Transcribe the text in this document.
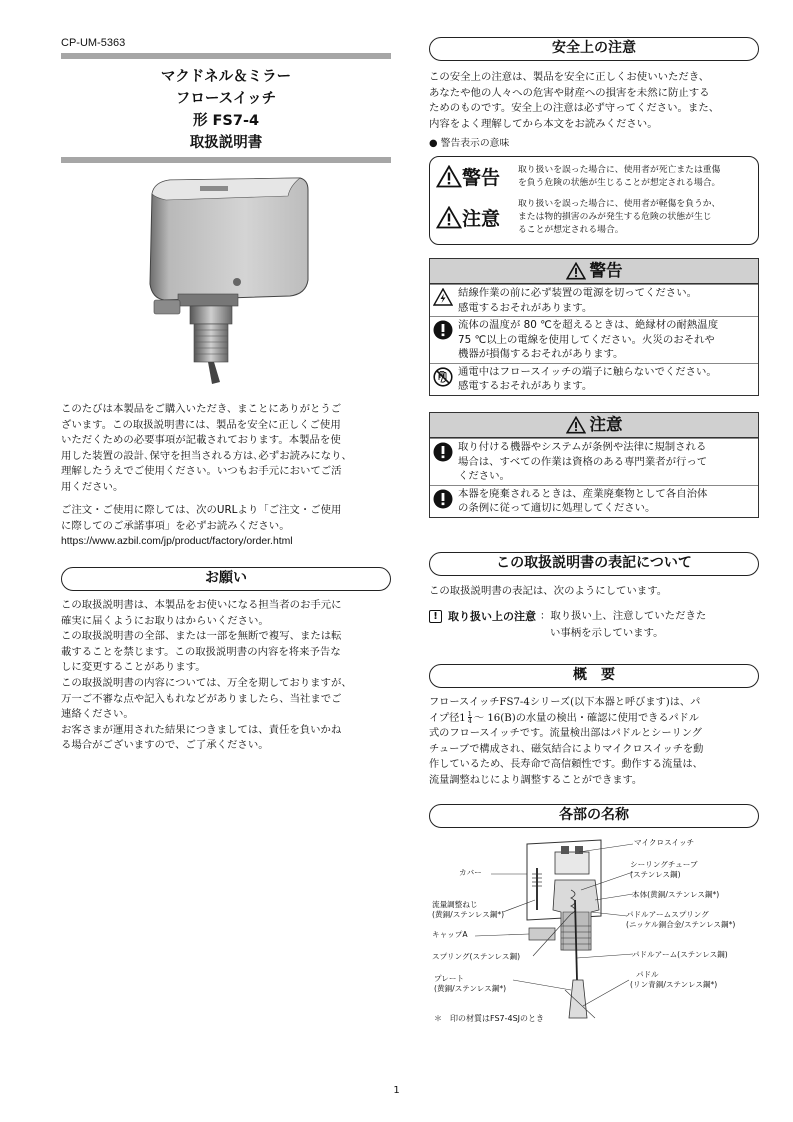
CP-UM-5363
マクドネル＆ミラー
フロースイッチ
形 FS7-4
取扱説明書
このたびは本製品をご購入いただき、まことにありがとうご
ざいます。この取扱説明書には、製品を安全に正しくご使用
いただくための必要事項が記載されております。本製品を使
用した装置の設計､保守を担当される方は､必ずお読みになり、
理解したうえでご使用ください。いつもお手元においてご活
用ください。
ご注文・ご使用に際しては、次のURLより「ご注文・ご使用
に際してのご承諾事項」を必ずお読みください。
https://www.azbil.com/jp/product/factory/order.html
お願い
この取扱説明書は、本製品をお使いになる担当者のお手元に
確実に届くようにお取りはからいください。
この取扱説明書の全部、または一部を無断で複写、または転
載することを禁じます。この取扱説明書の内容を将来予告な
しに変更することがあります。
この取扱説明書の内容については、万全を期しておりますが、
万一ご不審な点や記入もれなどがありましたら、当社までご
連絡ください。
お客さまが運用された結果につきましては、責任を負いかね
る場合がございますので、ご了承ください。
安全上の注意
この安全上の注意は、製品を安全に正しくお使いいただき、
あなたや他の人々への危害や財産への損害を未然に防止する
ためのものです。安全上の注意は必ず守ってください。また、
内容をよく理解してから本文をお読みください。
● 警告表示の意味
警告 取り扱いを誤った場合に、使用者が死亡または重傷
を負う危険の状態が生じることが想定される場合。
注意
取り扱いを誤った場合に、使用者が軽傷を負うか、
または物的損害のみが発生する危険の状態が生じ
ることが想定される場合。
警告
結線作業の前に必ず装置の電源を切ってください。
感電するおそれがあります。
流体の温度が 80 ℃を超えるときは、絶縁材の耐熱温度
75 ℃以上の電線を使用してください。火災のおそれや
機器が損傷するおそれがあります。
通電中はフロースイッチの端子に触らないでください。
感電するおそれがあります。
注意
取り付ける機器やシステムが条例や法律に規制される
場合は、すべての作業は資格のある専門業者が行って
ください。
本器を廃棄されるときは、産業廃棄物として各自治体
の条例に従って適切に処理してください。
この取扱説明書の表記について
この取扱説明書の表記は、次のようにしています。
! 取り扱い上の注意 ：取り扱い上、注意していただきた
い事柄を示しています。
概　要
フロースイッチFS7-4シリーズ(以下本器と呼びます)は、パ
イプ径$1 \frac{1}{4}$ ～ 16(B)の水量の検出・確認に使用できるパドル
式のフロースイッチです。流量検出部はパドルとシーリング
チューブで構成され、磁気結合によりマイクロスイッチを動
作しているため、長寿命で高信頼性です。動作する流量は、
流量調整ねじにより調整することができます。
各部の名称
マイクロスイッチ
カバー
シーリングチューブ
(ステンレス鋼)
本体(黄銅/ステンレス鋼*)
流量調整ねじ
(黄銅/ステンレス鋼*)	パドルアームスプリング
(ニッケル銅合金/ステンレス鋼*)
キャップA
スプリング(ステンレス鋼)	パドルアーム(ステンレス鋼)
プレート
(黄銅/ステンレス鋼*)
パドル
(リン青銅/ステンレス鋼*)
＊　印の材質はFS7-4SJのとき
1
